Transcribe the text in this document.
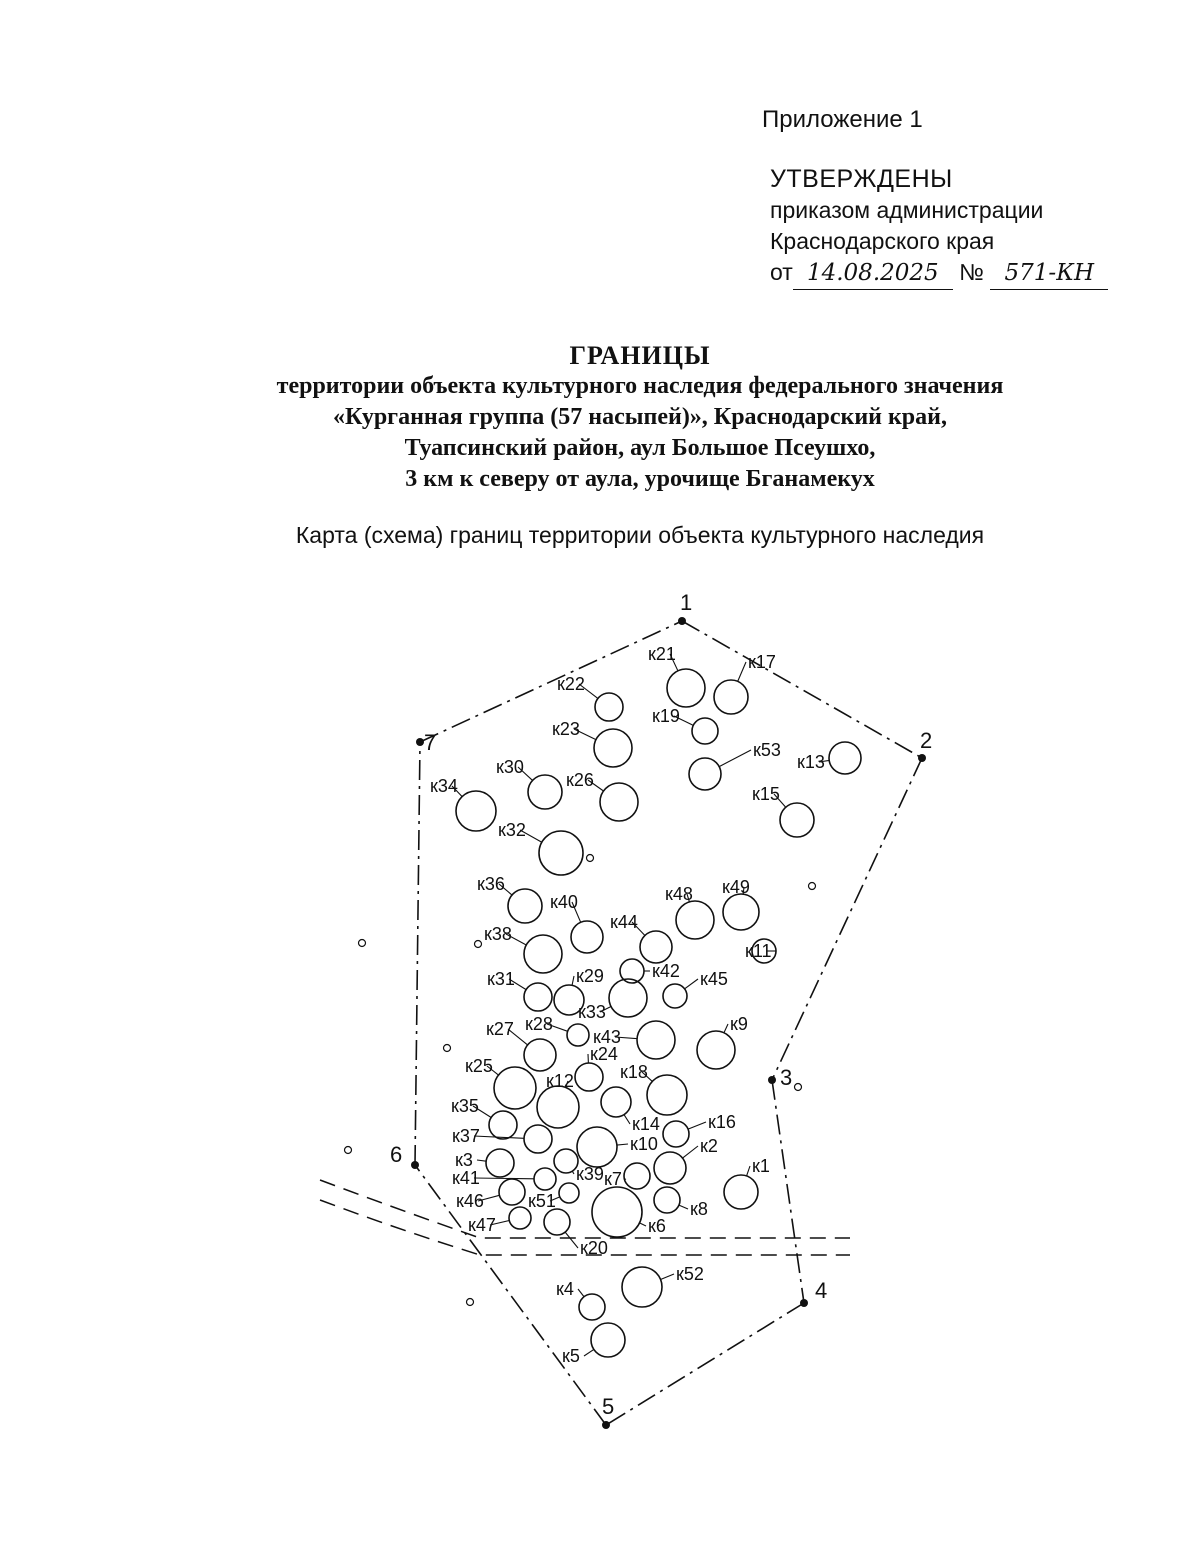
Приложение 1
УТВЕРЖДЕНЫ
приказом администрации
Краснодарского края
от 14.08.2025 № 571-КН
ГРАНИЦЫ
территории объекта культурного наследия федерального значения
«Курганная группа (57 насыпей)», Краснодарский край,
Туапсинский район, аул Большое Псеушхо,
3 км к северу от аула, урочище Бганамекух
Карта (схема) границ территории объекта культурного наследия
к1
к2
к3
к4
к5
к6
к7
к8
к9
к10
к11
к12
к13
к14
к15
к16
к17
к18
к19
к20
к21
к22
к23
к24
к25
к26
к27 к28
к29
к30
к31
к32
к33
к34
к35
к36
к37
к38
к39
к40
к41
к42
к43
к44
к45
к46
к47
к48 к49
к51
к52
к53
1
2
3
4
5
6
7
